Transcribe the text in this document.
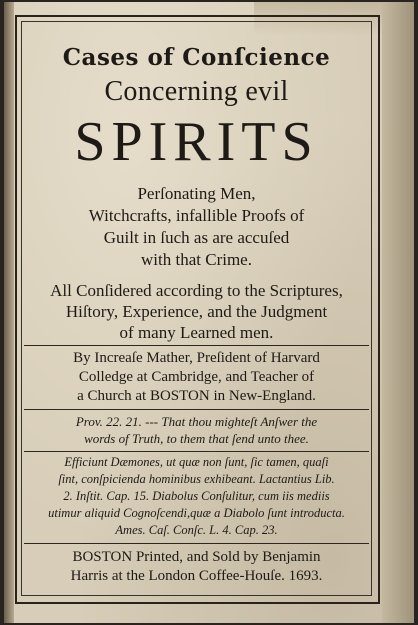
Cases of Conſcience
Concerning evil
SPIRITS
Perſonating Men,
Witchcrafts, infallible Proofs of
Guilt in ſuch as are accuſed
with that Crime.
All Conſidered according to the Scriptures,
Hiſtory, Experience, and the Judgment
of many Learned men.
By Increaſe Mather, Preſident of Harvard
Colledge at Cambridge, and Teacher of
a Church at BOSTON in New-England.
Prov. 22. 21. --- That thou mighteſt Anſwer the
words of Truth, to them that ſend unto thee.
Efficiunt Dæmones, ut quæ non ſunt, ſic tamen, quaſi
ſint, conſpicienda hominibus exhibeant. Lactantius Lib.
2. Inſtit. Cap. 15. Diabolus Conſulitur, cum iis mediis
utimur aliquid Cognoſcendi,quæ a Diabolo ſunt introducta.
Ames. Caſ. Conſc. L. 4. Cap. 23.
BOSTON Printed, and Sold by Benjamin
Harris at the London Coffee-Houſe. 1693.
